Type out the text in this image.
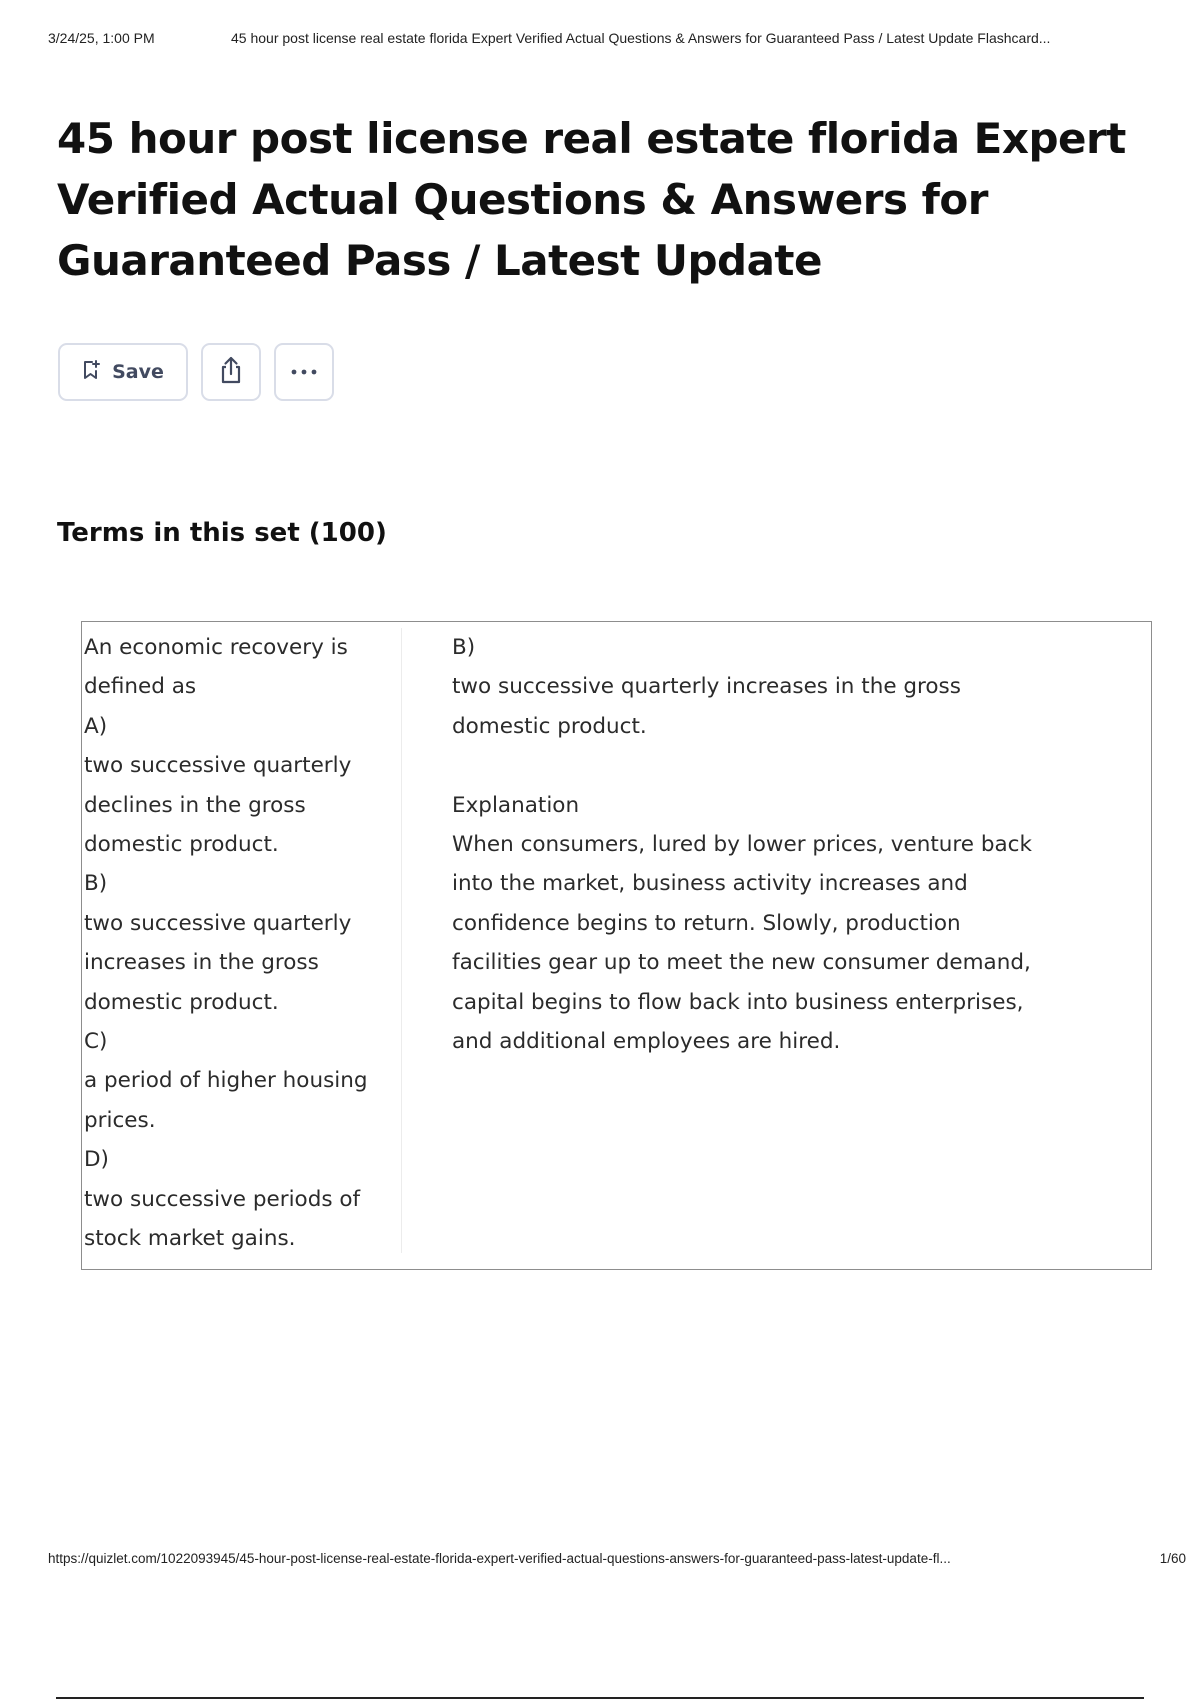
3/24/25, 1:00 PM	45 hour post license real estate florida Expert Verified Actual Questions & Answers for Guaranteed Pass / Latest Update Flashcard...
45 hour post license real estate florida Expert
Verified Actual Questions & Answers for
Guaranteed Pass / Latest Update
Save
Terms in this set (100)
An economic recovery is
defined as
A)
two successive quarterly
declines in the gross
domestic product.
B)
two successive quarterly
increases in the gross
domestic product.
C)
a period of higher housing
prices.
D)
two successive periods of
stock market gains.
B)
two successive quarterly increases in the gross
domestic product.
Explanation
When consumers, lured by lower prices, venture back
into the market, business activity increases and
confidence begins to return. Slowly, production
facilities gear up to meet the new consumer demand,
capital begins to flow back into business enterprises,
and additional employees are hired.
https://quizlet.com/1022093945/45-hour-post-license-real-estate-florida-expert-verified-actual-questions-answers-for-guaranteed-pass-latest-update-fl...	1/60
